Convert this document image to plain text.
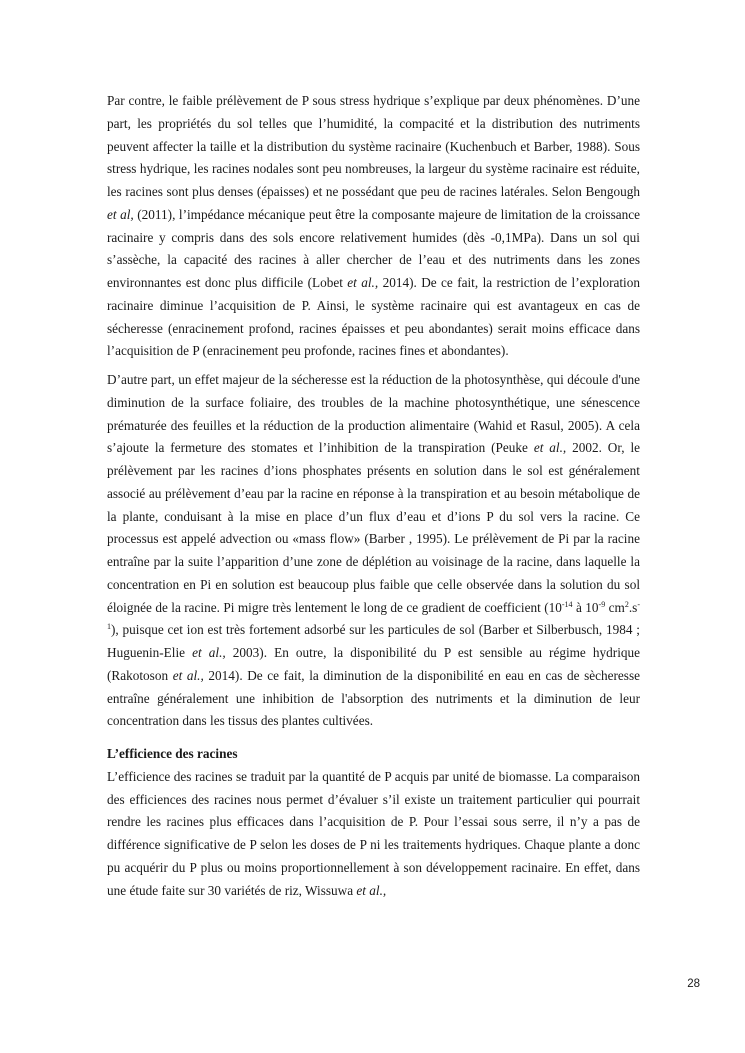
Par contre, le faible prélèvement de P sous stress hydrique s’explique par deux phénomènes. D’une part, les propriétés du sol telles que l’humidité, la compacité et la distribution des nutriments peuvent affecter la taille et la distribution du système racinaire (Kuchenbuch et Barber, 1988). Sous stress hydrique, les racines nodales sont peu nombreuses, la largeur du système racinaire est réduite, les racines sont plus denses (épaisses) et ne possédant que peu de racines latérales. Selon Bengough et al, (2011), l’impédance mécanique peut être la composante majeure de limitation de la croissance racinaire y compris dans des sols encore relativement humides (dès -0,1MPa). Dans un sol qui s’assèche, la capacité des racines à aller chercher de l’eau et des nutriments dans les zones environnantes est donc plus difficile (Lobet et al., 2014). De ce fait, la restriction de l’exploration racinaire diminue l’acquisition de P. Ainsi, le système racinaire qui est avantageux en cas de sécheresse (enracinement profond, racines épaisses et peu abondantes) serait moins efficace dans l’acquisition de P (enracinement peu profonde, racines fines et abondantes).

D’autre part, un effet majeur de la sécheresse est la réduction de la photosynthèse, qui découle d'une diminution de la surface foliaire, des troubles de la machine photosynthétique, une sénescence prématurée des feuilles et la réduction de la production alimentaire (Wahid et Rasul, 2005). A cela s’ajoute la fermeture des stomates et l’inhibition de la transpiration (Peuke et al., 2002. Or, le prélèvement par les racines d’ions phosphates présents en solution dans le sol est généralement associé au prélèvement d’eau par la racine en réponse à la transpiration et au besoin métabolique de la plante, conduisant à la mise en place d’un flux d’eau et d’ions P du sol vers la racine. Ce processus est appelé advection ou «mass flow» (Barber , 1995). Le prélèvement de Pi par la racine entraîne par la suite l’apparition d’une zone de déplétion au voisinage de la racine, dans laquelle la concentration en Pi en solution est beaucoup plus faible que celle observée dans la solution du sol éloignée de la racine. Pi migre très lentement le long de ce gradient de coefficient ($10^{-14}$ à $10^{-9}$ $cm^2.s^{-1}$), puisque cet ion est très fortement adsorbé sur les particules de sol (Barber et Silberbusch, 1984 ; Huguenin-Elie et al., 2003). En outre, la disponibilité du P est sensible au régime hydrique (Rakotoson et al., 2014). De ce fait, la diminution de la disponibilité en eau en cas de sècheresse entraîne généralement une inhibition de l'absorption des nutriments et la diminution de leur concentration dans les tissus des plantes cultivées.

L’efficience des racines

L’efficience des racines se traduit par la quantité de P acquis par unité de biomasse. La comparaison des efficiences des racines nous permet d’évaluer s’il existe un traitement particulier qui pourrait rendre les racines plus efficaces dans l’acquisition de P. Pour l’essai sous serre, il n’y a pas de différence significative de P selon les doses de P ni les traitements hydriques. Chaque plante a donc pu acquérir du P plus ou moins proportionnellement à son développement racinaire. En effet, dans une étude faite sur 30 variétés de riz, Wissuwa et al.,

28
